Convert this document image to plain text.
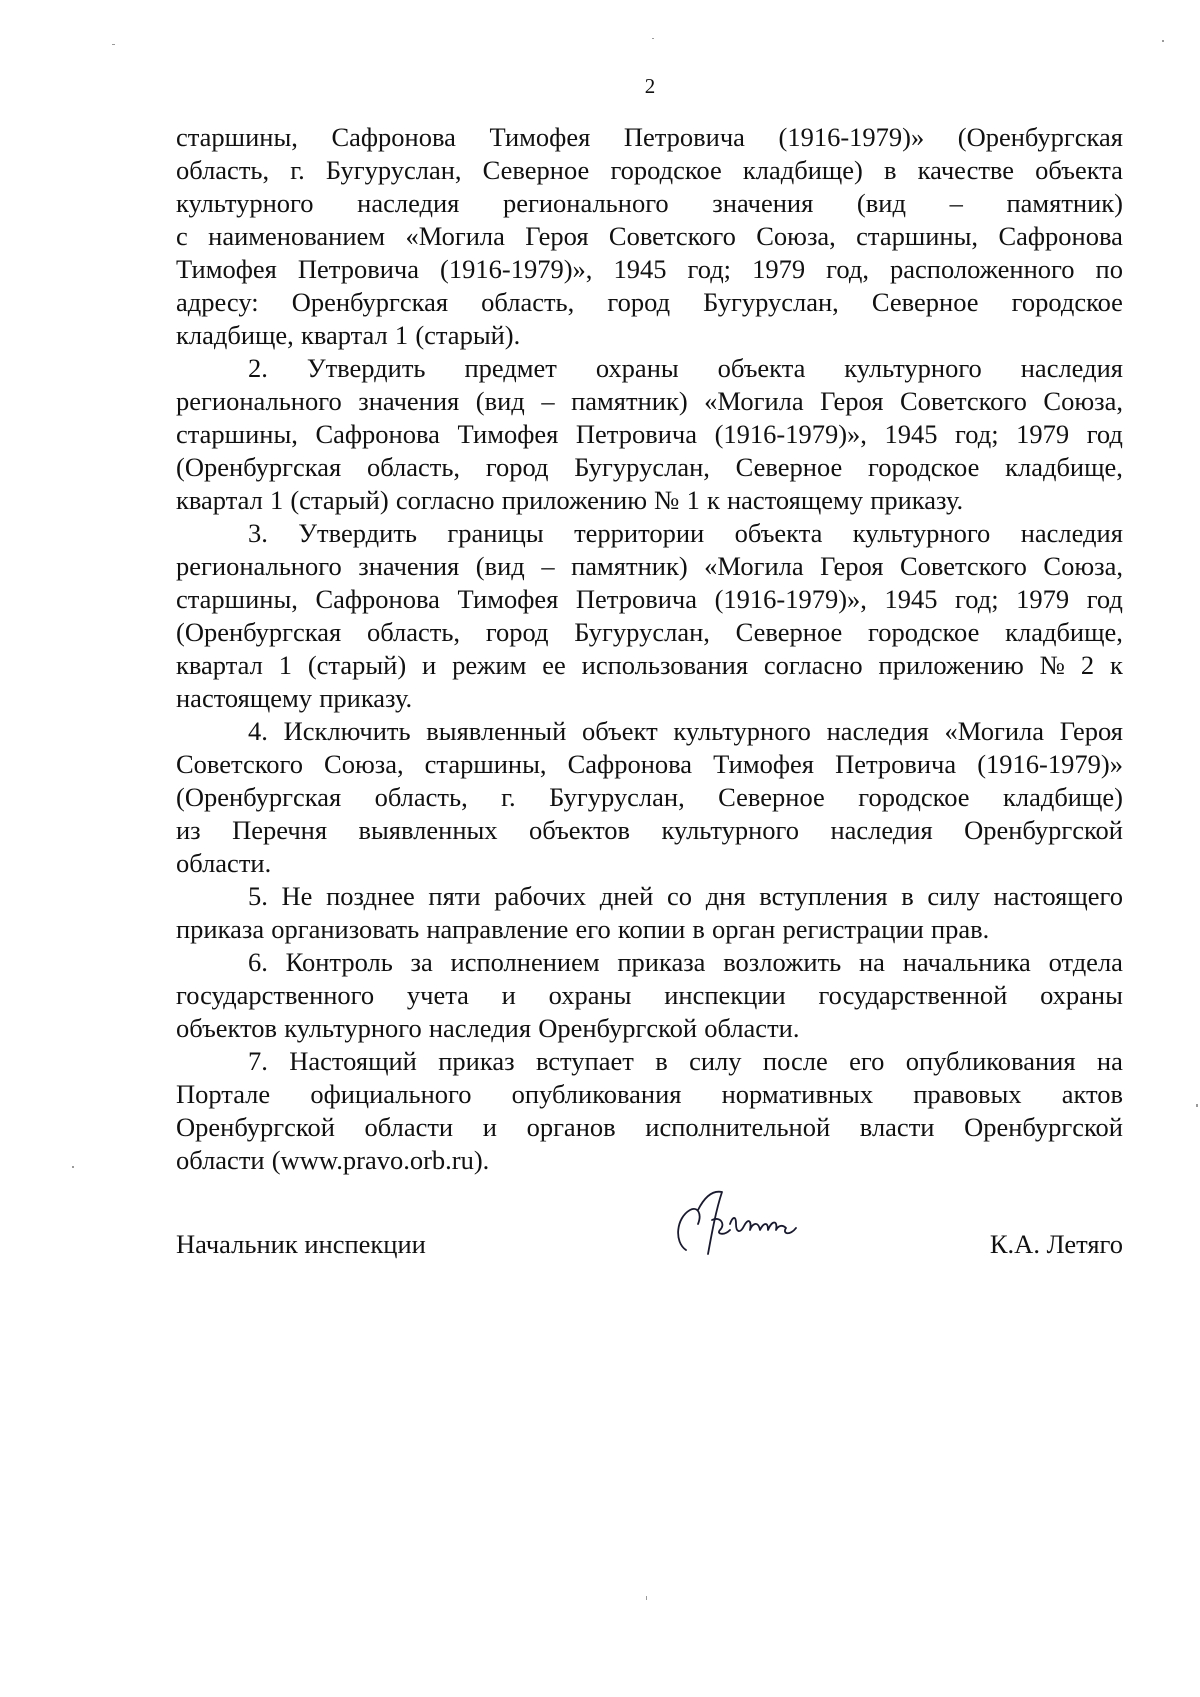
2
старшины, Сафронова Тимофея Петровича (1916-1979)» (Оренбургская
область, г. Бугуруслан, Северное городское кладбище) в качестве объекта
культурного наследия регионального значения (вид – памятник)
с наименованием «Могила Героя Советского Союза, старшины, Сафронова
Тимофея Петровича (1916-1979)», 1945 год; 1979 год, расположенного по
адресу: Оренбургская область, город Бугуруслан, Северное городское
кладбище, квартал 1 (старый).
2. Утвердить предмет охраны объекта культурного наследия
регионального значения (вид – памятник) «Могила Героя Советского Союза,
старшины, Сафронова Тимофея Петровича (1916-1979)», 1945 год; 1979 год
(Оренбургская область, город Бугуруслан, Северное городское кладбище,
квартал 1 (старый) согласно приложению № 1 к настоящему приказу.
3. Утвердить границы территории объекта культурного наследия
регионального значения (вид – памятник) «Могила Героя Советского Союза,
старшины, Сафронова Тимофея Петровича (1916-1979)», 1945 год; 1979 год
(Оренбургская область, город Бугуруслан, Северное городское кладбище,
квартал 1 (старый) и режим ее использования согласно приложению № 2 к
настоящему приказу.
4. Исключить выявленный объект культурного наследия «Могила Героя
Советского Союза, старшины, Сафронова Тимофея Петровича (1916-1979)»
(Оренбургская область, г. Бугуруслан, Северное городское кладбище)
из Перечня выявленных объектов культурного наследия Оренбургской
области.
5. Не позднее пяти рабочих дней со дня вступления в силу настоящего
приказа организовать направление его копии в орган регистрации прав.
6. Контроль за исполнением приказа возложить на начальника отдела
государственного учета и охраны инспекции государственной охраны
объектов культурного наследия Оренбургской области.
7. Настоящий приказ вступает в силу после его опубликования на
Портале официального опубликования нормативных правовых актов
Оренбургской области и органов исполнительной власти Оренбургской
области (www.pravo.orb.ru).
Начальник инспекции	К.А. Летяго
